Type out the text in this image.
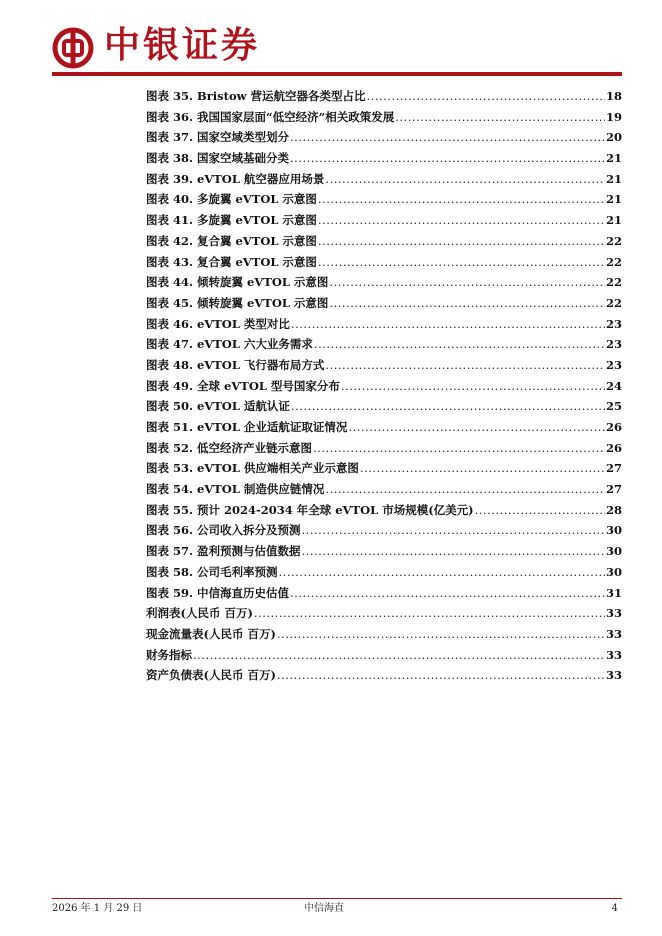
中银证券
图表 35. Bristow 营运航空器各类型占比 .....	18
图表 36. 我国国家层面“低空经济”相关政策发展 .....	19
图表 37. 国家空域类型划分 .....	20
图表 38. 国家空域基础分类 .....	21
图表 39. eVTOL 航空器应用场景 .....	21
图表 40. 多旋翼 eVTOL 示意图 .....	21
图表 41. 多旋翼 eVTOL 示意图 .....	21
图表 42. 复合翼 eVTOL 示意图 .....	22
图表 43. 复合翼 eVTOL 示意图 .....	22
图表 44. 倾转旋翼 eVTOL 示意图 .....	22
图表 45. 倾转旋翼 eVTOL 示意图 .....	22
图表 46. eVTOL 类型对比 .....	23
图表 47. eVTOL 六大业务需求 .....	23
图表 48. eVTOL 飞行器布局方式 .....	23
图表 49. 全球 eVTOL 型号国家分布 .....	24
图表 50. eVTOL 适航认证 .....	25
图表 51. eVTOL 企业适航证取证情况 .....	26
图表 52. 低空经济产业链示意图 .....	26
图表 53. eVTOL 供应端相关产业示意图 .....	27
图表 54. eVTOL 制造供应链情况 .....	27
图表 55. 预计 2024-2034 年全球 eVTOL 市场规模(亿美元) .....	28
图表 56. 公司收入拆分及预测 .....	30
图表 57. 盈利预测与估值数据 .....	30
图表 58. 公司毛利率预测 .....	30
图表 59. 中信海直历史估值 .....	31
利润表(人民币 百万) .....	33
现金流量表(人民币 百万) .....	33
财务指标 .....	33
资产负债表(人民币 百万) .....	33
2026 年 1 月 29 日	中信海直	4
